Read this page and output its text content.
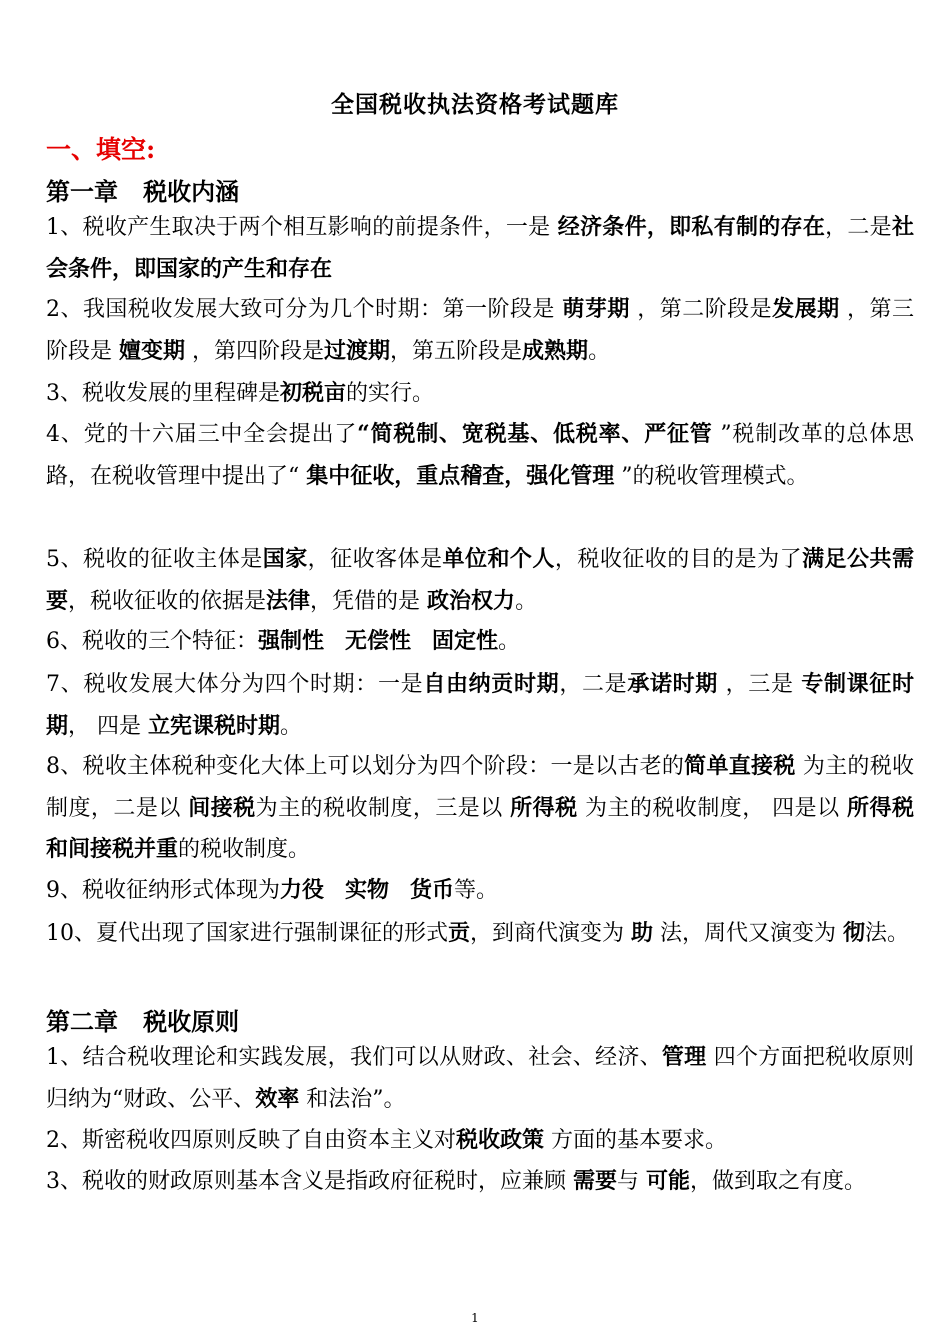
全国税收执法资格考试题库
一、填空:
第一章   税收内涵
1、税收产生取决于两个相互影响的前提条件，一是 经济条件，即私有制的存在，二是社会条件，即国家的产生和存在
2、我国税收发展大致可分为几个时期：第一阶段是 萌芽期 ，第二阶段是发展期 ，第三阶段是 嬗变期 ，第四阶段是过渡期，第五阶段是成熟期。
3、税收发展的里程碑是初税亩的实行。
4、党的十六届三中全会提出了“简税制、宽税基、低税率、严征管 ”税制改革的总体思路，在税收管理中提出了“ 集中征收，重点稽查，强化管理 ”的税收管理模式。
5、税收的征收主体是国家，征收客体是单位和个人，税收征收的目的是为了满足公共需要，税收征收的依据是法律，凭借的是 政治权力。
6、税收的三个特征：强制性 无偿性 固定性。
7、税收发展大体分为四个时期：一是自由纳贡时期，二是承诺时期 ，三是 专制课征时期， 四是 立宪课税时期。
8、税收主体税种变化大体上可以划分为四个阶段：一是以古老的简单直接税 为主的税收制度，二是以 间接税为主的税收制度，三是以 所得税 为主的税收制度， 四是以 所得税和间接税并重的税收制度。
9、税收征纳形式体现为力役 实物 货币等。
10、夏代出现了国家进行强制课征的形式贡，到商代演变为 助 法，周代又演变为 彻法。
第二章   税收原则
1、结合税收理论和实践发展，我们可以从财政、社会、经济、管理 四个方面把税收原则归纳为“财政、公平、效率 和法治”。
2、斯密税收四原则反映了自由资本主义对税收政策 方面的基本要求。
3、税收的财政原则基本含义是指政府征税时，应兼顾 需要与 可能，做到取之有度。
1
